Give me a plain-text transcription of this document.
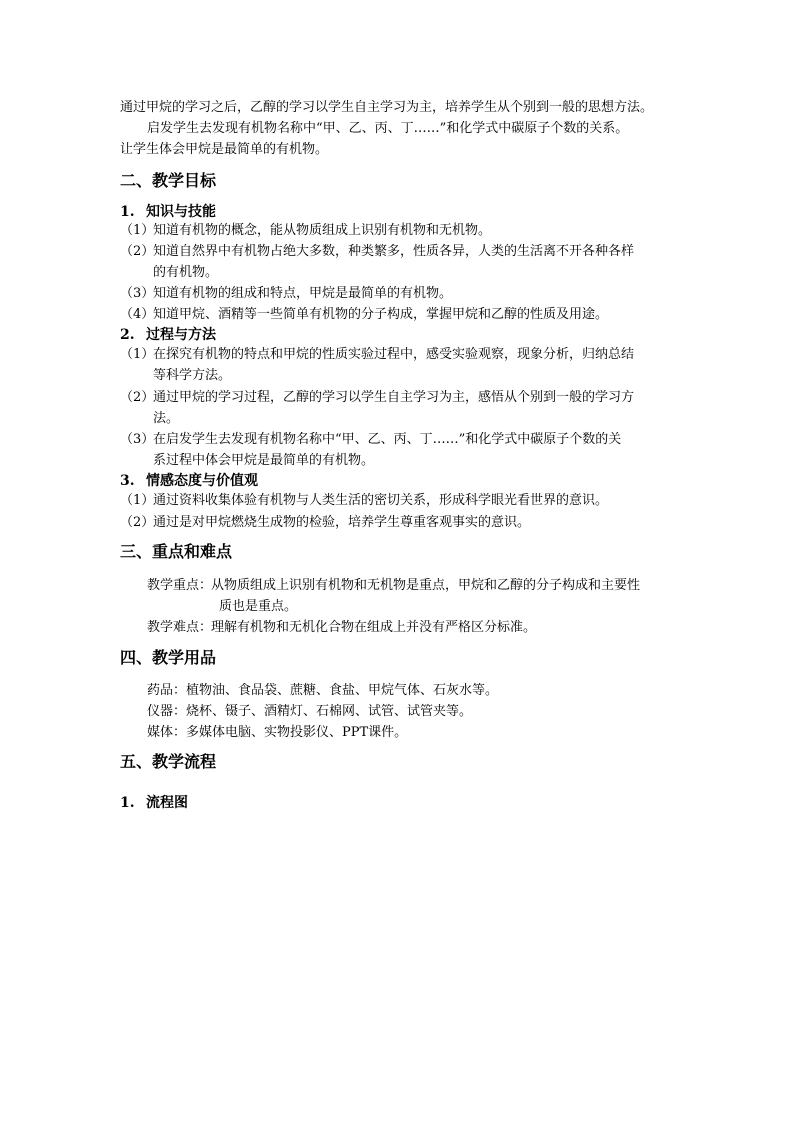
通过甲烷的学习之后，乙醇的学习以学生自主学习为主，培养学生从个别到一般的思想方法。
启发学生去发现有机物名称中“甲、乙、丙、丁……”和化学式中碳原子个数的关系。
让学生体会甲烷是最简单的有机物。
二、教学目标
1. 知识与技能
（1）知道有机物的概念，能从物质组成上识别有机物和无机物。
（2）知道自然界中有机物占绝大多数，种类繁多，性质各异，人类的生活离不开各种各样
的有机物。
（3）知道有机物的组成和特点，甲烷是最简单的有机物。
（4）知道甲烷、酒精等一些简单有机物的分子构成，掌握甲烷和乙醇的性质及用途。
2. 过程与方法
（1）在探究有机物的特点和甲烷的性质实验过程中，感受实验观察，现象分析，归纳总结
等科学方法。
（2）通过甲烷的学习过程，乙醇的学习以学生自主学习为主，感悟从个别到一般的学习方
法。
（3）在启发学生去发现有机物名称中“甲、乙、丙、丁……”和化学式中碳原子个数的关
系过程中体会甲烷是最简单的有机物。
3. 情感态度与价值观
（1）通过资料收集体验有机物与人类生活的密切关系，形成科学眼光看世界的意识。
（2）通过是对甲烷燃烧生成物的检验，培养学生尊重客观事实的意识。
三、重点和难点
教学重点：从物质组成上识别有机物和无机物是重点，甲烷和乙醇的分子构成和主要性
质也是重点。
教学难点：理解有机物和无机化合物在组成上并没有严格区分标准。
四、教学用品
药品：植物油、食品袋、蔗糖、食盐、甲烷气体、石灰水等。
仪器：烧杯、镊子、酒精灯、石棉网、试管、试管夹等。
媒体：多媒体电脑、实物投影仪、PPT课件。
五、教学流程
1. 流程图
